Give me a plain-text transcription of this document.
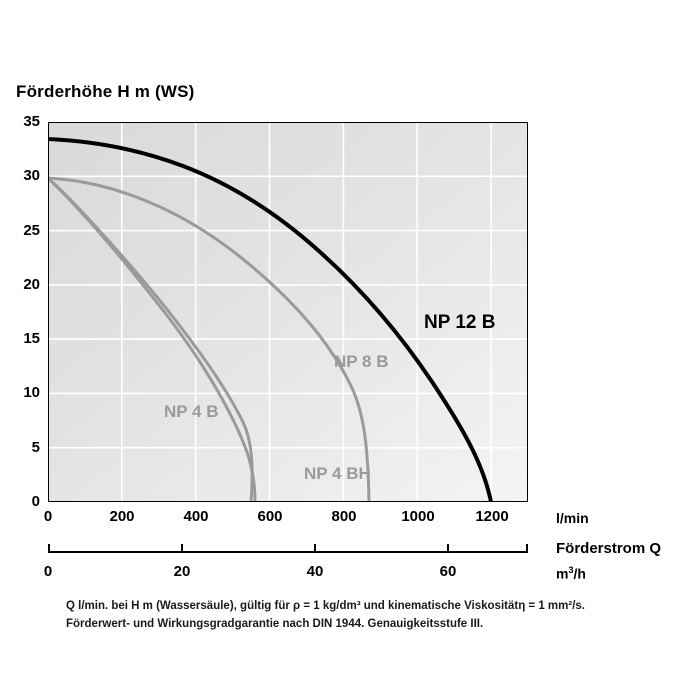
Förderhöhe H m (WS)
35
30
25
20
15
10
5
0
NP 12 B
NP 8 B
NP 4 B
NP 4 BH
0	200	400	600	800	1000	1200	l/min
0	20	40	60
Förderstrom Q
$m^3/h$
Q l/min. bei H m (Wassersäule), gültig für ρ = 1 kg/dm³ und kinematische Viskositätη = 1 mm²/s.
Förderwert- und Wirkungsgradgarantie nach DIN 1944. Genauigkeitsstufe III.
